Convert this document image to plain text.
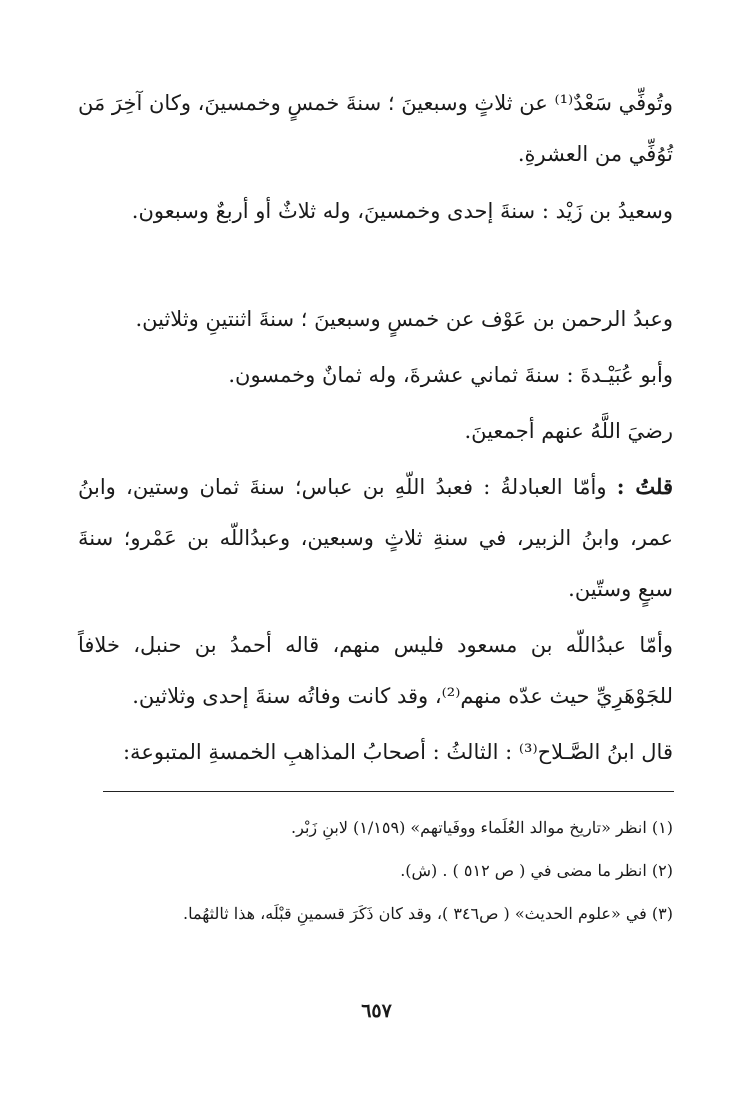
وتُوفِّي سَعْدٌ⁽¹⁾ عن ثلاثٍ وسبعينَ ؛ سنةَ خمسٍ وخمسينَ، وكان آخِرَ مَن تُوُفِّي من العشرةِ.

وسعيدُ بن زَيْد : سنةَ إحدى وخمسينَ، وله ثلاثٌ أو أربعٌ وسبعون.

وعبدُ الرحمن بن عَوْف عن خمسٍ وسبعينَ ؛ سنةَ اثنتينِ وثلاثين.

وأبو عُبَيْـدةَ : سنةَ ثماني عشرةَ، وله ثمانٌ وخمسون.

رضيَ اللَّهُ عنهم أجمعينَ.

قلتُ : وأمّا العبادلةُ : فعبدُ اللّهِ بن عباس؛ سنةَ ثمان وستين، وابنُ عمر، وابنُ الزبير، في سنةِ ثلاثٍ وسبعين، وعبدُاللّه بن عَمْرو؛ سنةَ سبعٍ وستّين.

وأمّا عبدُاللّه بن مسعود فليس منهم، قاله أحمدُ بن حنبل، خلافاً للجَوْهَرِيِّ حيث عدّه منهم⁽²⁾، وقد كانت وفاتُه سنةَ إحدى وثلاثين.

قال ابنُ الصَّـلاح⁽³⁾ : الثالثُ : أصحابُ المذاهبِ الخمسةِ المتبوعة:

(١) انظر «تاريخ موالد العُلَماء ووفَياتهم» (١/١٥٩) لابنِ زَبْر.

(٢) انظر ما مضى في ( ص ٥١٢ ) . (ش).

(٣) في «علوم الحديث» ( ص٣٤٦ )، وقد كان ذَكَرَ قسمينِ قبْلَه، هذا ثالثهُما.

٦٥٧
